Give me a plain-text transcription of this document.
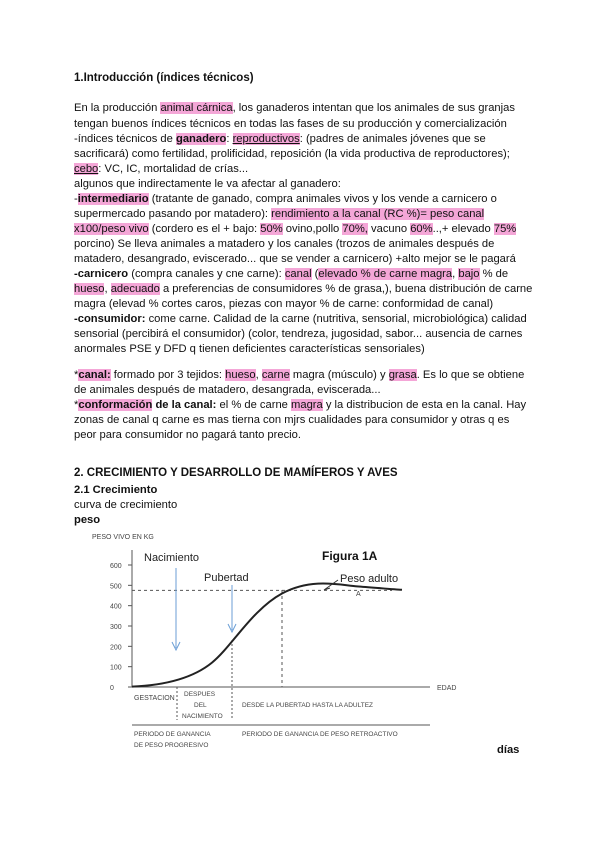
1.Introducción (índices técnicos)
En la producción animal cárnica, los ganaderos intentan que los animales de sus granjas
tengan buenos índices técnicos en todas las fases de su producción y comercialización
-índices técnicos de ganadero: reproductivos: (padres de animales jóvenes que se
sacrificará) como fertilidad, prolificidad, reposición (la vida productiva de reproductores);
cebo: VC, IC, mortalidad de crías...
algunos que indirectamente le va afectar al ganadero:
-intermediario (tratante de ganado, compra animales vivos y los vende a carnicero o
supermercado pasando por matadero): rendimiento a la canal (RC %)= peso canal
x100/peso vivo (cordero es el + bajo: 50% ovino,pollo 70%, vacuno 60%..,+ elevado 75%
porcino) Se lleva animales a matadero y los canales (trozos de animales después de
matadero, desangrado, eviscerado... que se vender a carnicero) +alto mejor se le pagará
-carnicero (compra canales y cne carne): canal (elevado % de carne magra, bajo % de
hueso, adecuado a preferencias de consumidores % de grasa,), buena distribución de carne
magra (elevad % cortes caros, piezas con mayor % de carne: conformidad de canal)
-consumidor: come carne. Calidad de la carne (nutritiva, sensorial, microbiológica) calidad
sensorial (percibirá el consumidor) (color, tendreza, jugosidad, sabor... ausencia de carnes
anormales PSE y DFD q tienen deficientes características sensoriales)
*canal: formado por 3 tejidos: hueso, carne magra (músculo) y grasa. Es lo que se obtiene
de animales después de matadero, desangrada, eviscerada...
*conformación de la canal: el % de carne magra y la distribucion de esta en la canal. Hay
zonas de canal q carne es mas tierna con mjrs cualidades para consumidor y otras q es
peor para consumidor no pagará tanto precio.
2. CRECIMIENTO Y DESARROLLO DE MAMÍFEROS Y AVES
2.1 Crecimiento
curva de crecimiento
peso
PESO VIVO EN KG
Figura 1A
600
500
400
300
200
100
0	EDAD
Nacimiento
Pubertad	Peso adulto
A
GESTACION
DESPUES
DEL
NACIMIENTO
DESDE LA PUBERTAD HASTA LA ADULTEZ
PERIODO DE GANANCIA
DE PESO PROGRESIVO
PERIODO DE GANANCIA DE PESO RETROACTIVO
días
